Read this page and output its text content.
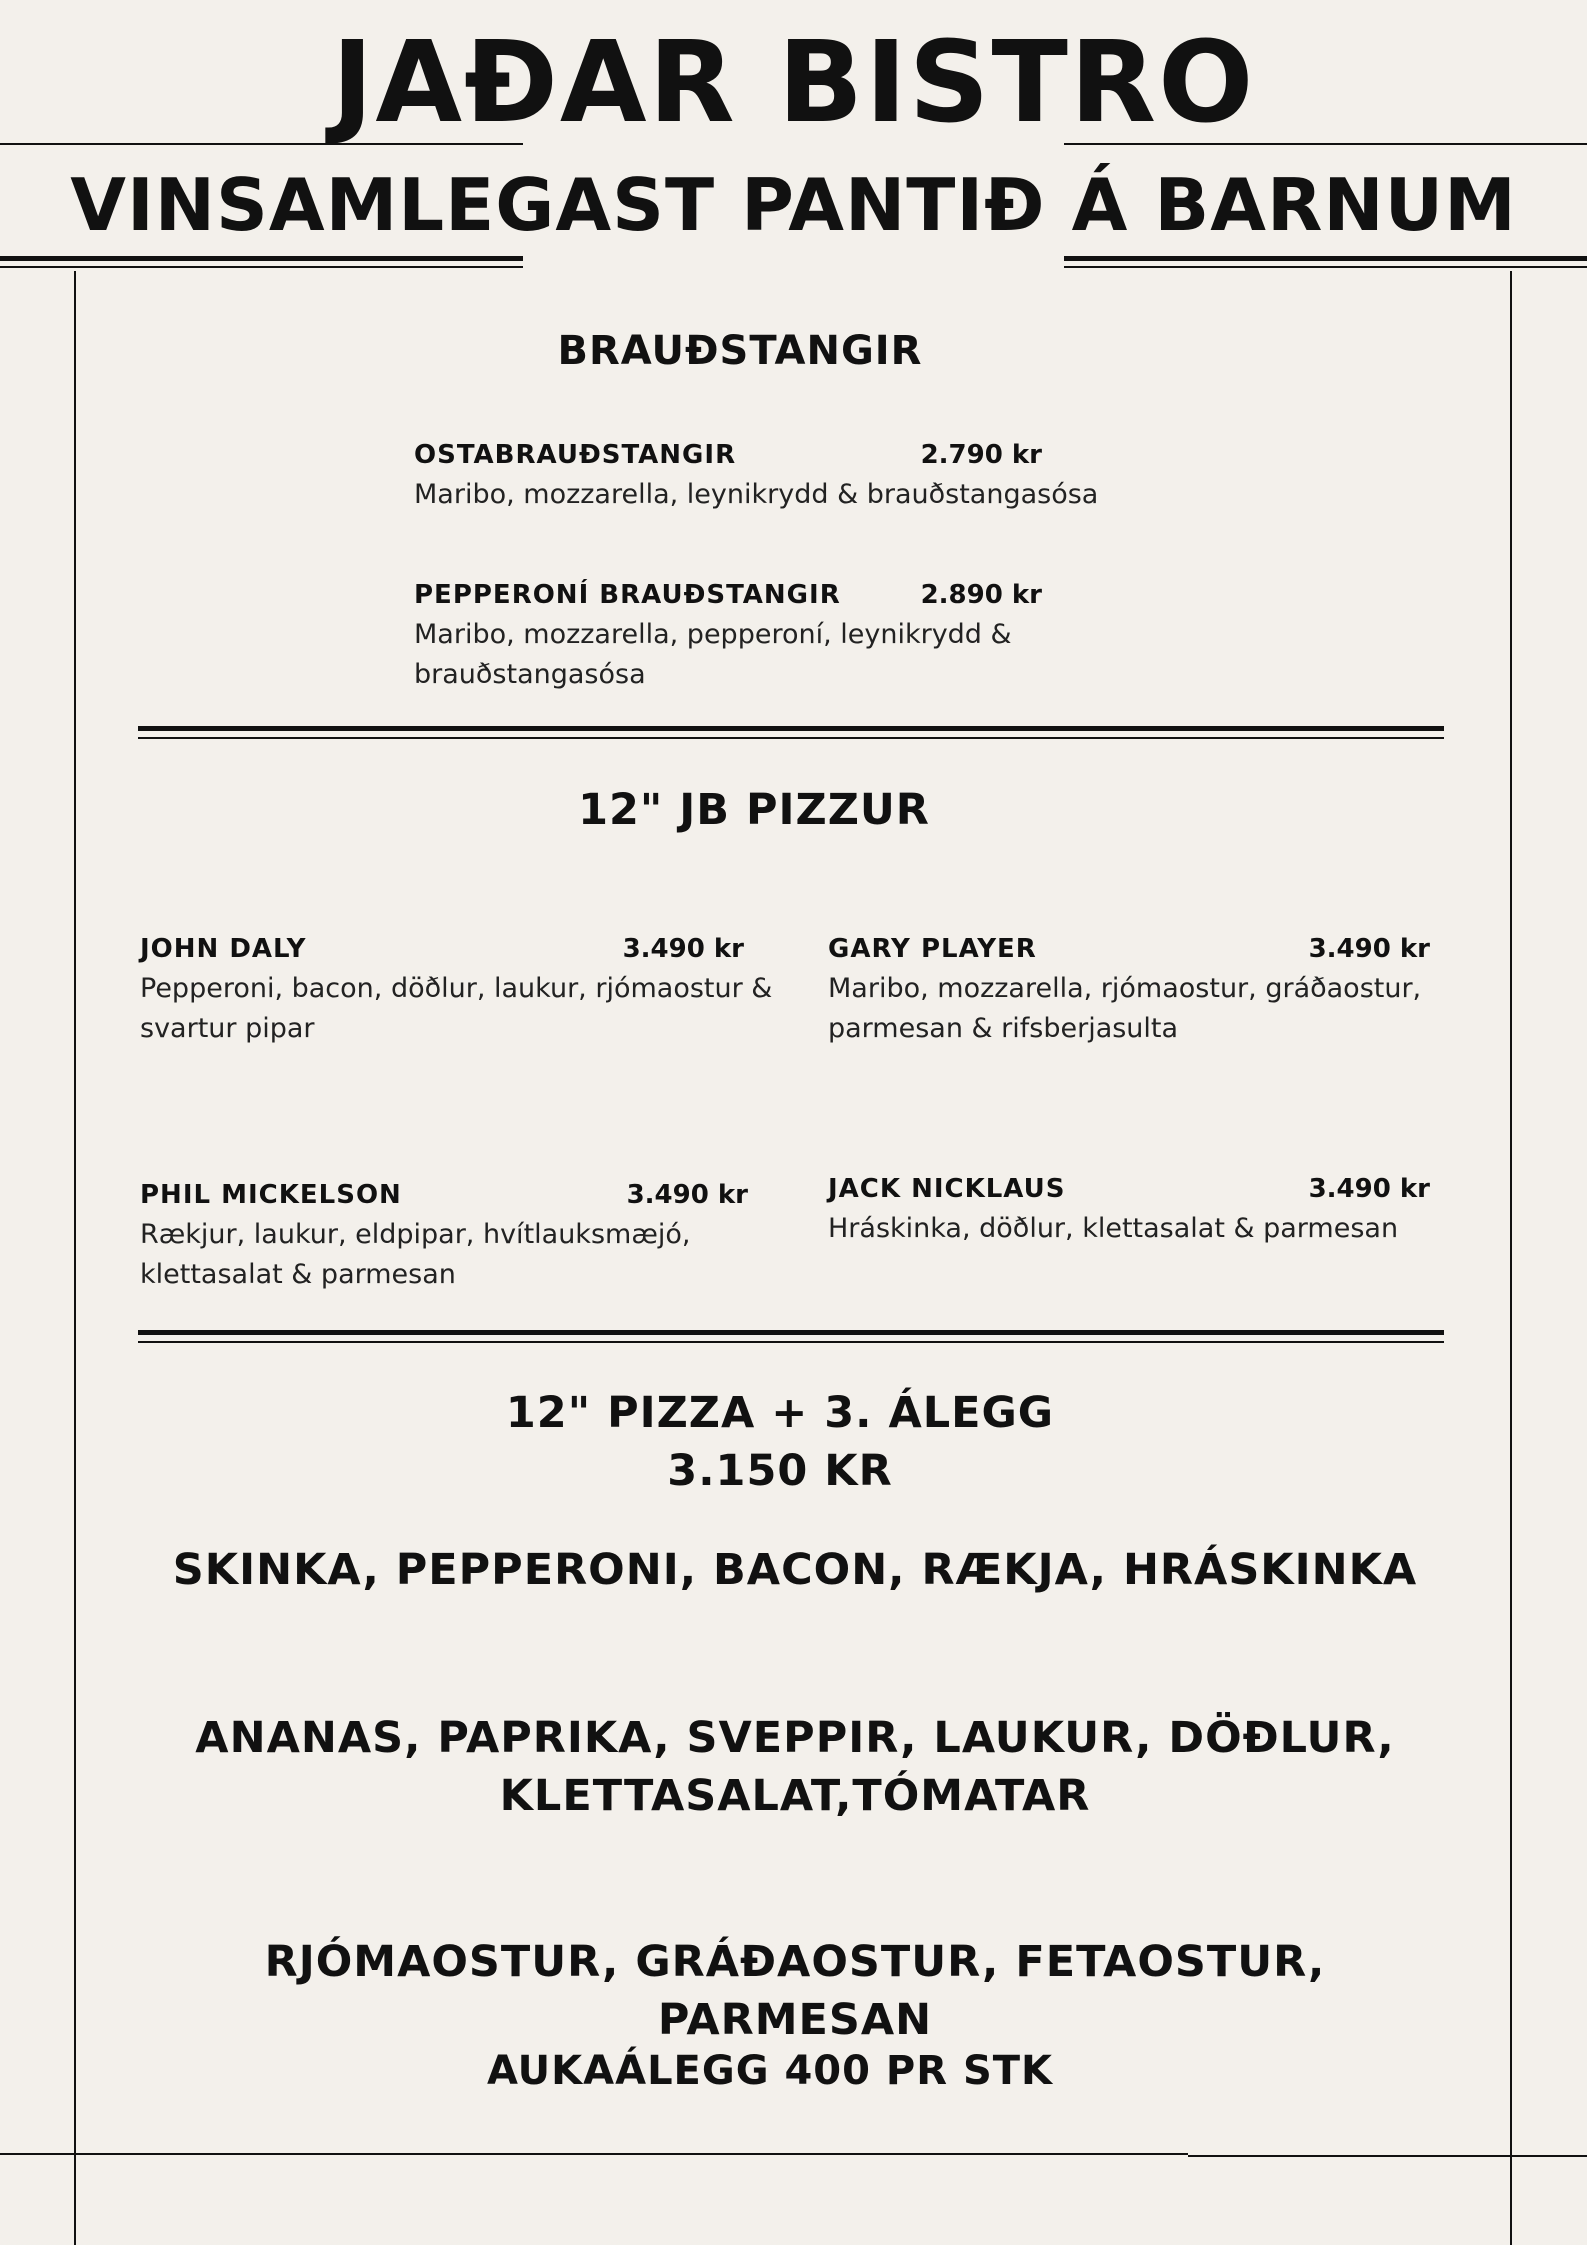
JAÐAR BISTRO
VINSAMLEGAST PANTIÐ Á BARNUM
BRAUÐSTANGIR
OSTABRAUÐSTANGIR	2.790 kr
Maribo, mozzarella, leynikrydd & brauðstangasósa
PEPPERONÍ BRAUÐSTANGIR	2.890 kr
Maribo, mozzarella, pepperoní, leynikrydd &
brauðstangasósa
12" JB PIZZUR
JOHN DALY	3.490 kr
Pepperoni, bacon, döðlur, laukur, rjómaostur &
svartur pipar
GARY PLAYER	3.490 kr
Maribo, mozzarella, rjómaostur, gráðaostur,
parmesan & rifsberjasulta
PHIL MICKELSON	3.490 kr
Rækjur, laukur, eldpipar, hvítlauksmæjó,
klettasalat & parmesan
JACK NICKLAUS	3.490 kr
Hráskinka, döðlur, klettasalat & parmesan
12" PIZZA + 3. ÁLEGG
3.150 KR
SKINKA, PEPPERONI, BACON, RÆKJA, HRÁSKINKA
ANANAS, PAPRIKA, SVEPPIR, LAUKUR, DÖÐLUR,
KLETTASALAT,TÓMATAR
RJÓMAOSTUR, GRÁÐAOSTUR, FETAOSTUR, PARMESAN
AUKAÁLEGG 400 PR STK
